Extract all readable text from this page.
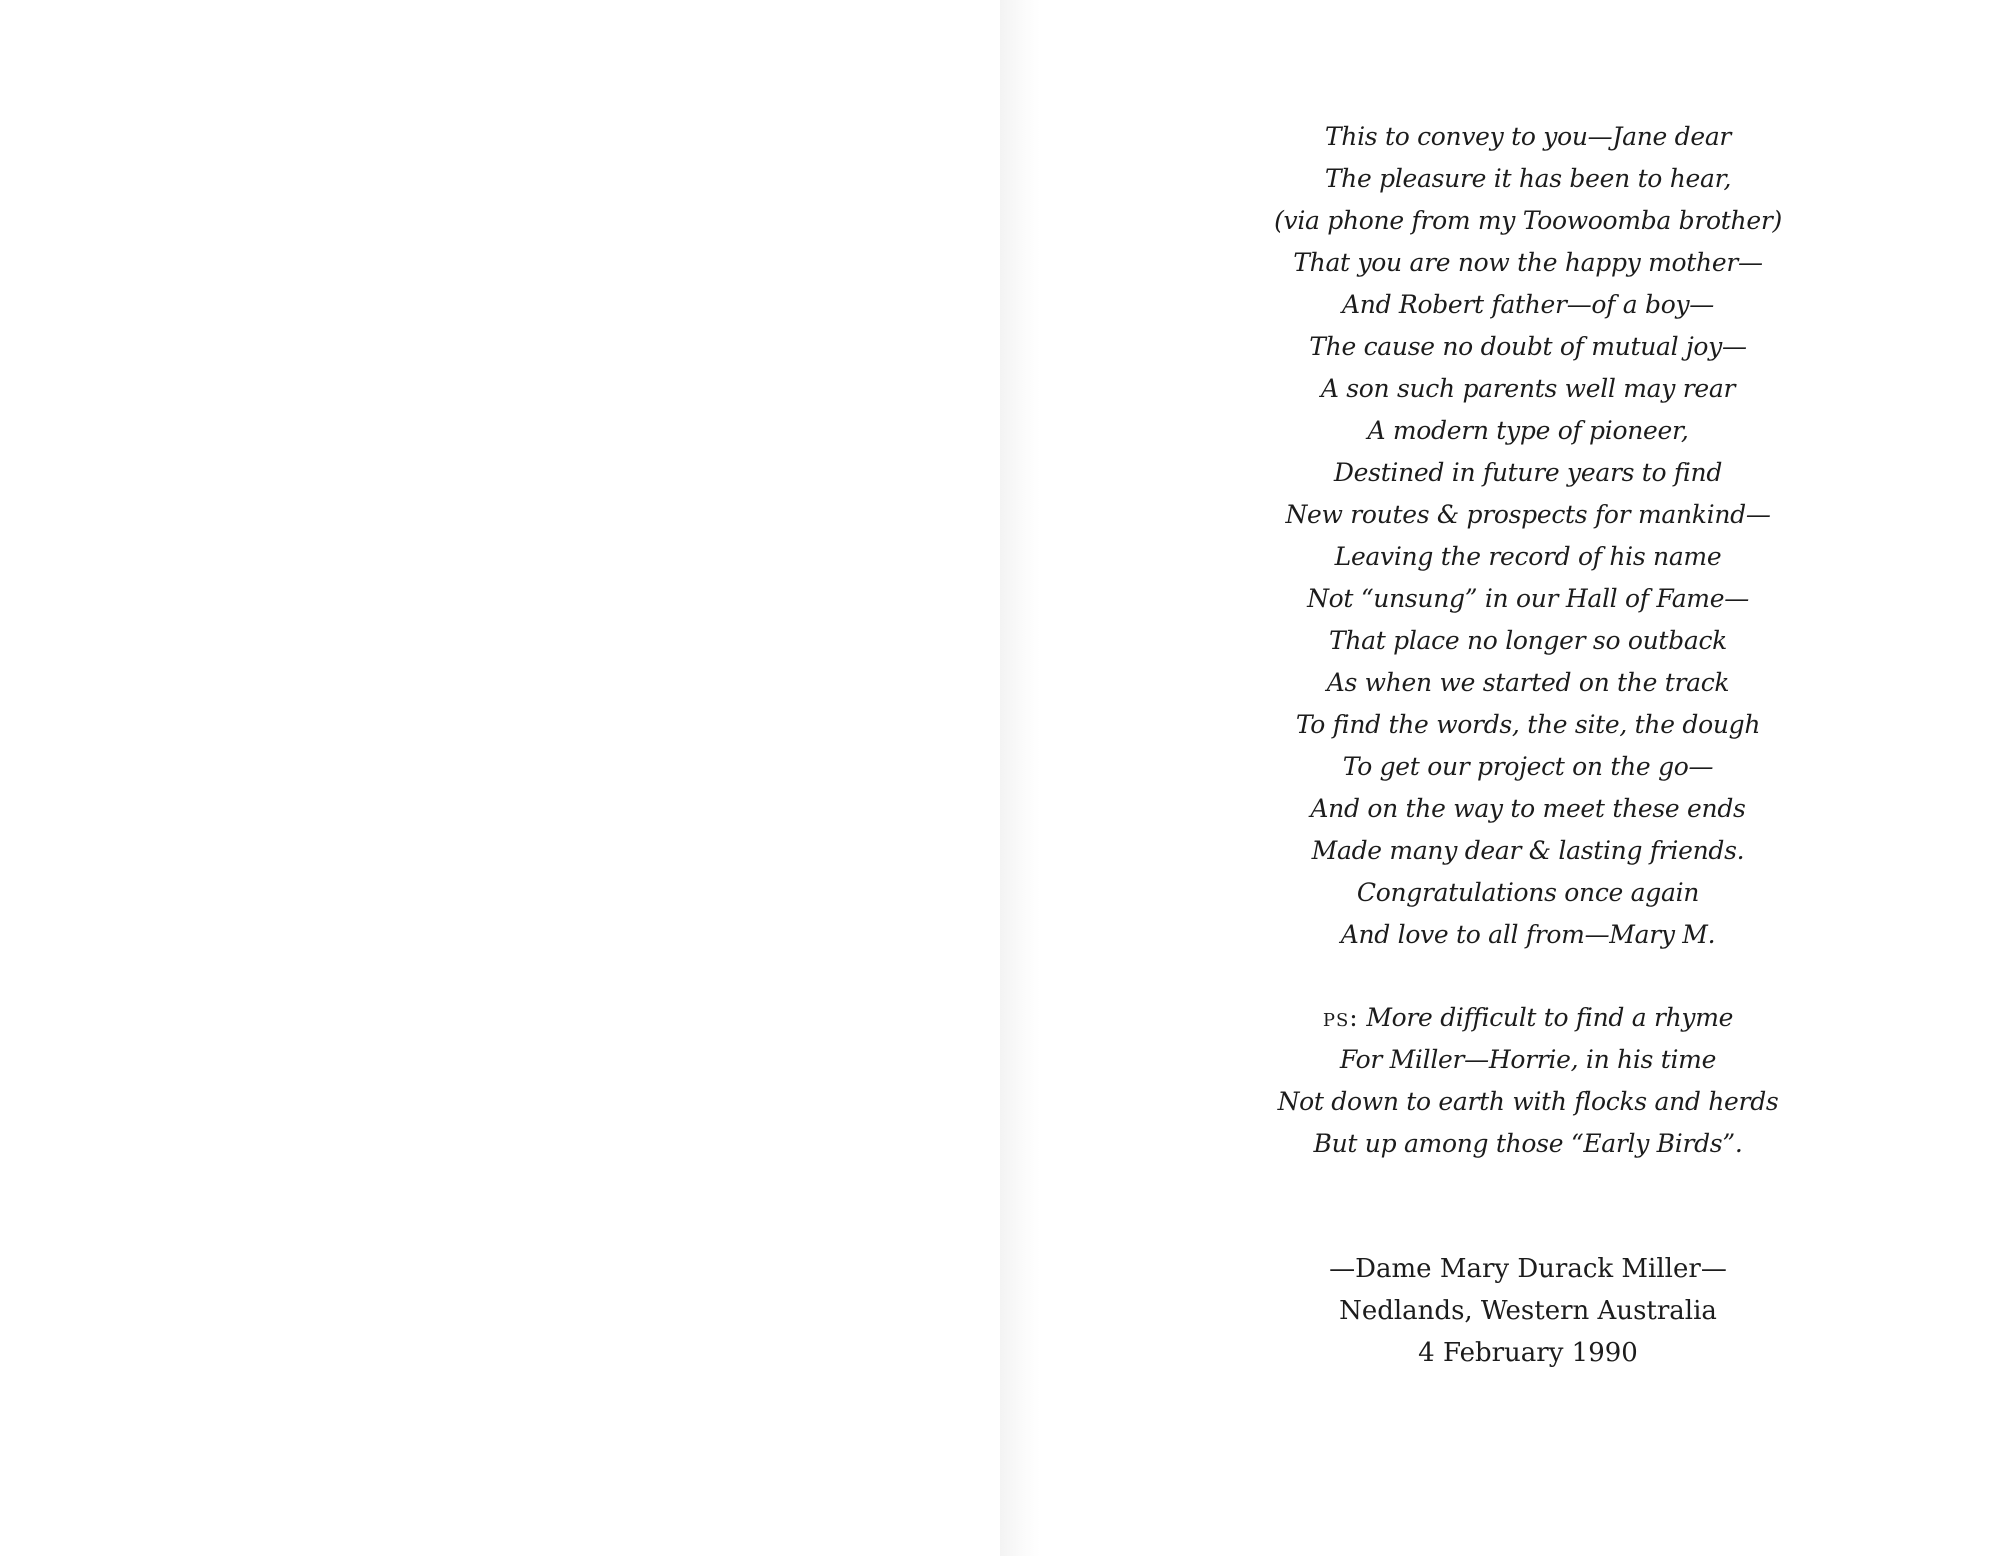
This to convey to you—Jane dear
The pleasure it has been to hear,
(via phone from my Toowoomba brother)
That you are now the happy mother—
And Robert father—of a boy—
The cause no doubt of mutual joy—
A son such parents well may rear
A modern type of pioneer,
Destined in future years to find
New routes & prospects for mankind—
Leaving the record of his name
Not “unsung” in our Hall of Fame—
That place no longer so outback
As when we started on the track
To find the words, the site, the dough
To get our project on the go—
And on the way to meet these ends
Made many dear & lasting friends.
Congratulations once again
And love to all from—Mary M.
ps: More difficult to find a rhyme
For Miller—Horrie, in his time
Not down to earth with flocks and herds
But up among those “Early Birds”.
—Dame Mary Durack Miller—
Nedlands, Western Australia
4 February 1990
